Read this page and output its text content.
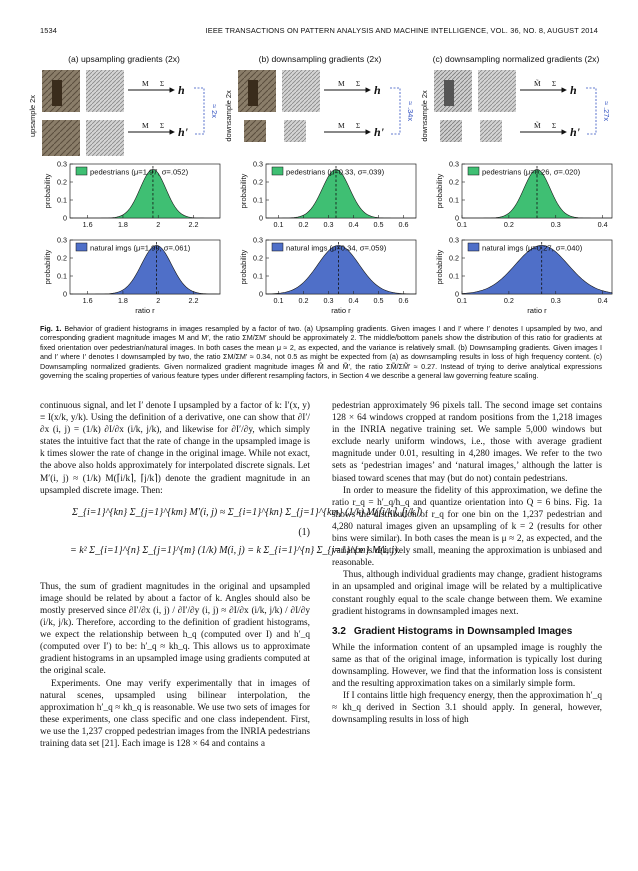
1534	IEEE TRANSACTIONS ON PATTERN ANALYSIS AND MACHINE INTELLIGENCE, VOL. 36, NO. 8, AUGUST 2014
(a) upsampling gradients (2x)
upsample 2x
M
M
Σ
Σ
h
h'
≈ 2x
(b) downsampling gradients (2x)
downsample 2x
M
M
Σ
Σ
h
h'
≈ .34x
(c) downsampling normalized gradients (2x)
downsample 2x
M̃
M̃
Σ
Σ
h
h'
≈ .27x
pedestrians (μ=1.97, σ=.052)
0
0.1
0.2
0.3
1.6	1.8	2	2.2
probability
pedestrians (μ=0.33, σ=.039)
0
0.1
0.2
0.3
0.1 0.2 0.3 0.4 0.5 0.6
probability
pedestrians (μ=0.26, σ=.020)
0
0.1
0.2
0.3
0.1	0.2	0.3	0.4
probability
natural imgs (μ=1.99, σ=.061)
0
0.1
0.2
0.3
1.6	1.8	2	2.2
probability
ratio r
natural imgs (μ=0.34, σ=.059)
0
0.1
0.2
0.3
0.1 0.2 0.3 0.4 0.5 0.6
probability
ratio r
natural imgs (μ=0.27, σ=.040)
0
0.1
0.2
0.3
0.1	0.2	0.3	0.4
probability
ratio r
Fig. 1. Behavior of gradient histograms in images resampled by a factor of two. (a) Upsampling gradients. Given images I and I′ where I′ denotes I upsampled by two, and corresponding gradient magnitude images M and M′, the ratio ΣM/ΣM′ should be approximately 2. The middle/bottom panels show the distribution of this ratio for gradients at fixed orientation over pedestrian/natural images. In both cases the mean μ ≈ 2, as expected, and the variance is relatively small. (b) Downsampling gradients. Given images I and I′ where I′ denotes I downsampled by two, the ratio ΣM/ΣM′ ≈ 0.34, not 0.5 as might be expected from (a) as downsampling results in loss of high frequency content. (c) Downsampling normalized gradients. Given normalized gradient magnitude images M̃ and M̃′, the ratio ΣM̃/ΣM̃′ ≈ 0.27. Instead of trying to derive analytical expressions governing the scaling properties of various feature types under different resampling factors, in Section 4 we describe a general law governing feature scaling.

continuous signal, and let I′ denote I upsampled by a factor of k: I′(x, y) ≡ I(x/k, y/k). Using the definition of a derivative, one can show that ∂I′/∂x (i, j) = (1/k) ∂I/∂x (i/k, j/k), and likewise for ∂I′/∂y, which simply states the intuitive fact that the rate of change in the upsampled image is k times slower the rate of change in the original image. While not exact, the above also holds approximately for interpolated discrete signals. Let M′(i, j) ≈ (1/k) M(⌈i/k⌉, ⌈j/k⌉) denote the gradient magnitude in an upsampled discrete image. Then:

Σ_{i=1}^{kn} Σ_{j=1}^{km} M′(i, j) ≈ Σ_{i=1}^{kn} Σ_{j=1}^{km} (1/k) M(⌈i/k⌉, ⌈j/k⌉)
= k² Σ_{i=1}^{n} Σ_{j=1}^{m} (1/k) M(i, j) = k Σ_{i=1}^{n} Σ_{j=1}^{m} M(i, j).
(1)

Thus, the sum of gradient magnitudes in the original and upsampled image should be related by about a factor of k. Angles should also be mostly preserved since ∂I′/∂x (i, j) / ∂I′/∂y (i, j) ≈ ∂I/∂x (i/k, j/k) / ∂I/∂y (i/k, j/k). Therefore, according to the definition of gradient histograms, we expect the relationship between h_q (computed over I) and h′_q (computed over I′) to be: h′_q ≈ kh_q. This allows us to approximate gradient histograms in an upsampled image using gradients computed at the original scale.

Experiments. One may verify experimentally that in images of natural scenes, upsampled using bilinear interpolation, the approximation h′_q ≈ kh_q is reasonable. We use two sets of images for these experiments, one class specific and one class independent. First, we use the 1,237 cropped pedestrian images from the INRIA pedestrians training data set [21]. Each image is 128 × 64 and contains a

pedestrian approximately 96 pixels tall. The second image set contains 128 × 64 windows cropped at random positions from the 1,218 images in the INRIA negative training set. We sample 5,000 windows but exclude nearly uniform windows, i.e., those with average gradient magnitude under 0.01, resulting in 4,280 images. We refer to the two sets as ‘pedestrian images’ and ‘natural images,’ although the latter is biased toward scenes that may (but do not) contain pedestrians.

In order to measure the fidelity of this approximation, we define the ratio r_q = h′_q/h_q and quantize orientation into Q = 6 bins. Fig. 1a shows the distribution of r_q for one bin on the 1,237 pedestrian and 4,280 natural images given an upsampling of k = 2 (results for other bins were similar). In both cases the mean is μ ≈ 2, as expected, and the variance is relatively small, meaning the approximation is unbiased and reasonable.

Thus, although individual gradients may change, gradient histograms in an upsampled and original image will be related by a multiplicative constant roughly equal to the scale change between them. We examine gradient histograms in downsampled images next.

3.2 Gradient Histograms in Downsampled Images

While the information content of an upsampled image is roughly the same as that of the original image, information is typically lost during downsampling. However, we find that the information loss is consistent and the resulting approximation takes on a similarly simple form.

If I contains little high frequency energy, then the approximation h′_q ≈ kh_q derived in Section 3.1 should apply. In general, however, downsampling results in loss of high
